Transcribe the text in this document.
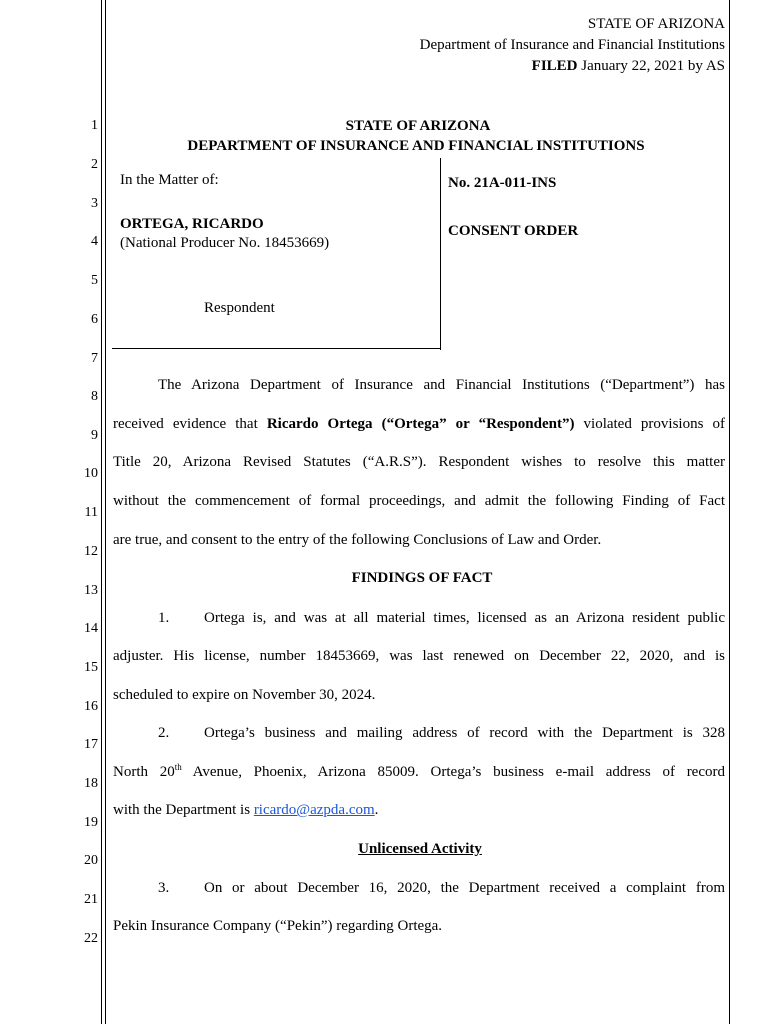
STATE OF ARIZONA
Department of Insurance and Financial Institutions
FILED January 22, 2021 by AS
1
2
3
4
5
6
7
8
9
10
11
12
13
14
15
16
17
18
19
20
21
22
STATE OF ARIZONA
DEPARTMENT OF INSURANCE AND FINANCIAL INSTITUTIONS
In the Matter of:
ORTEGA, RICARDO
(National Producer No. 18453669)
Respondent
No. 21A-011-INS
CONSENT ORDER
The Arizona Department of Insurance and Financial Institutions (“Department”) has
received evidence that Ricardo Ortega (“Ortega” or “Respondent”) violated provisions of
Title 20, Arizona Revised Statutes (“A.R.S”). Respondent wishes to resolve this matter
without the commencement of formal proceedings, and admit the following Finding of Fact
are true, and consent to the entry of the following Conclusions of Law and Order.
FINDINGS OF FACT
1. Ortega is, and was at all material times, licensed as an Arizona resident public
adjuster. His license, number 18453669, was last renewed on December 22, 2020, and is
scheduled to expire on November 30, 2024.
2. Ortega’s business and mailing address of record with the Department is 328
North 20th Avenue, Phoenix, Arizona 85009. Ortega’s business e-mail address of record
with the Department is ricardo@azpda.com.
Unlicensed Activity
3. On or about December 16, 2020, the Department received a complaint from
Pekin Insurance Company (“Pekin”) regarding Ortega.
